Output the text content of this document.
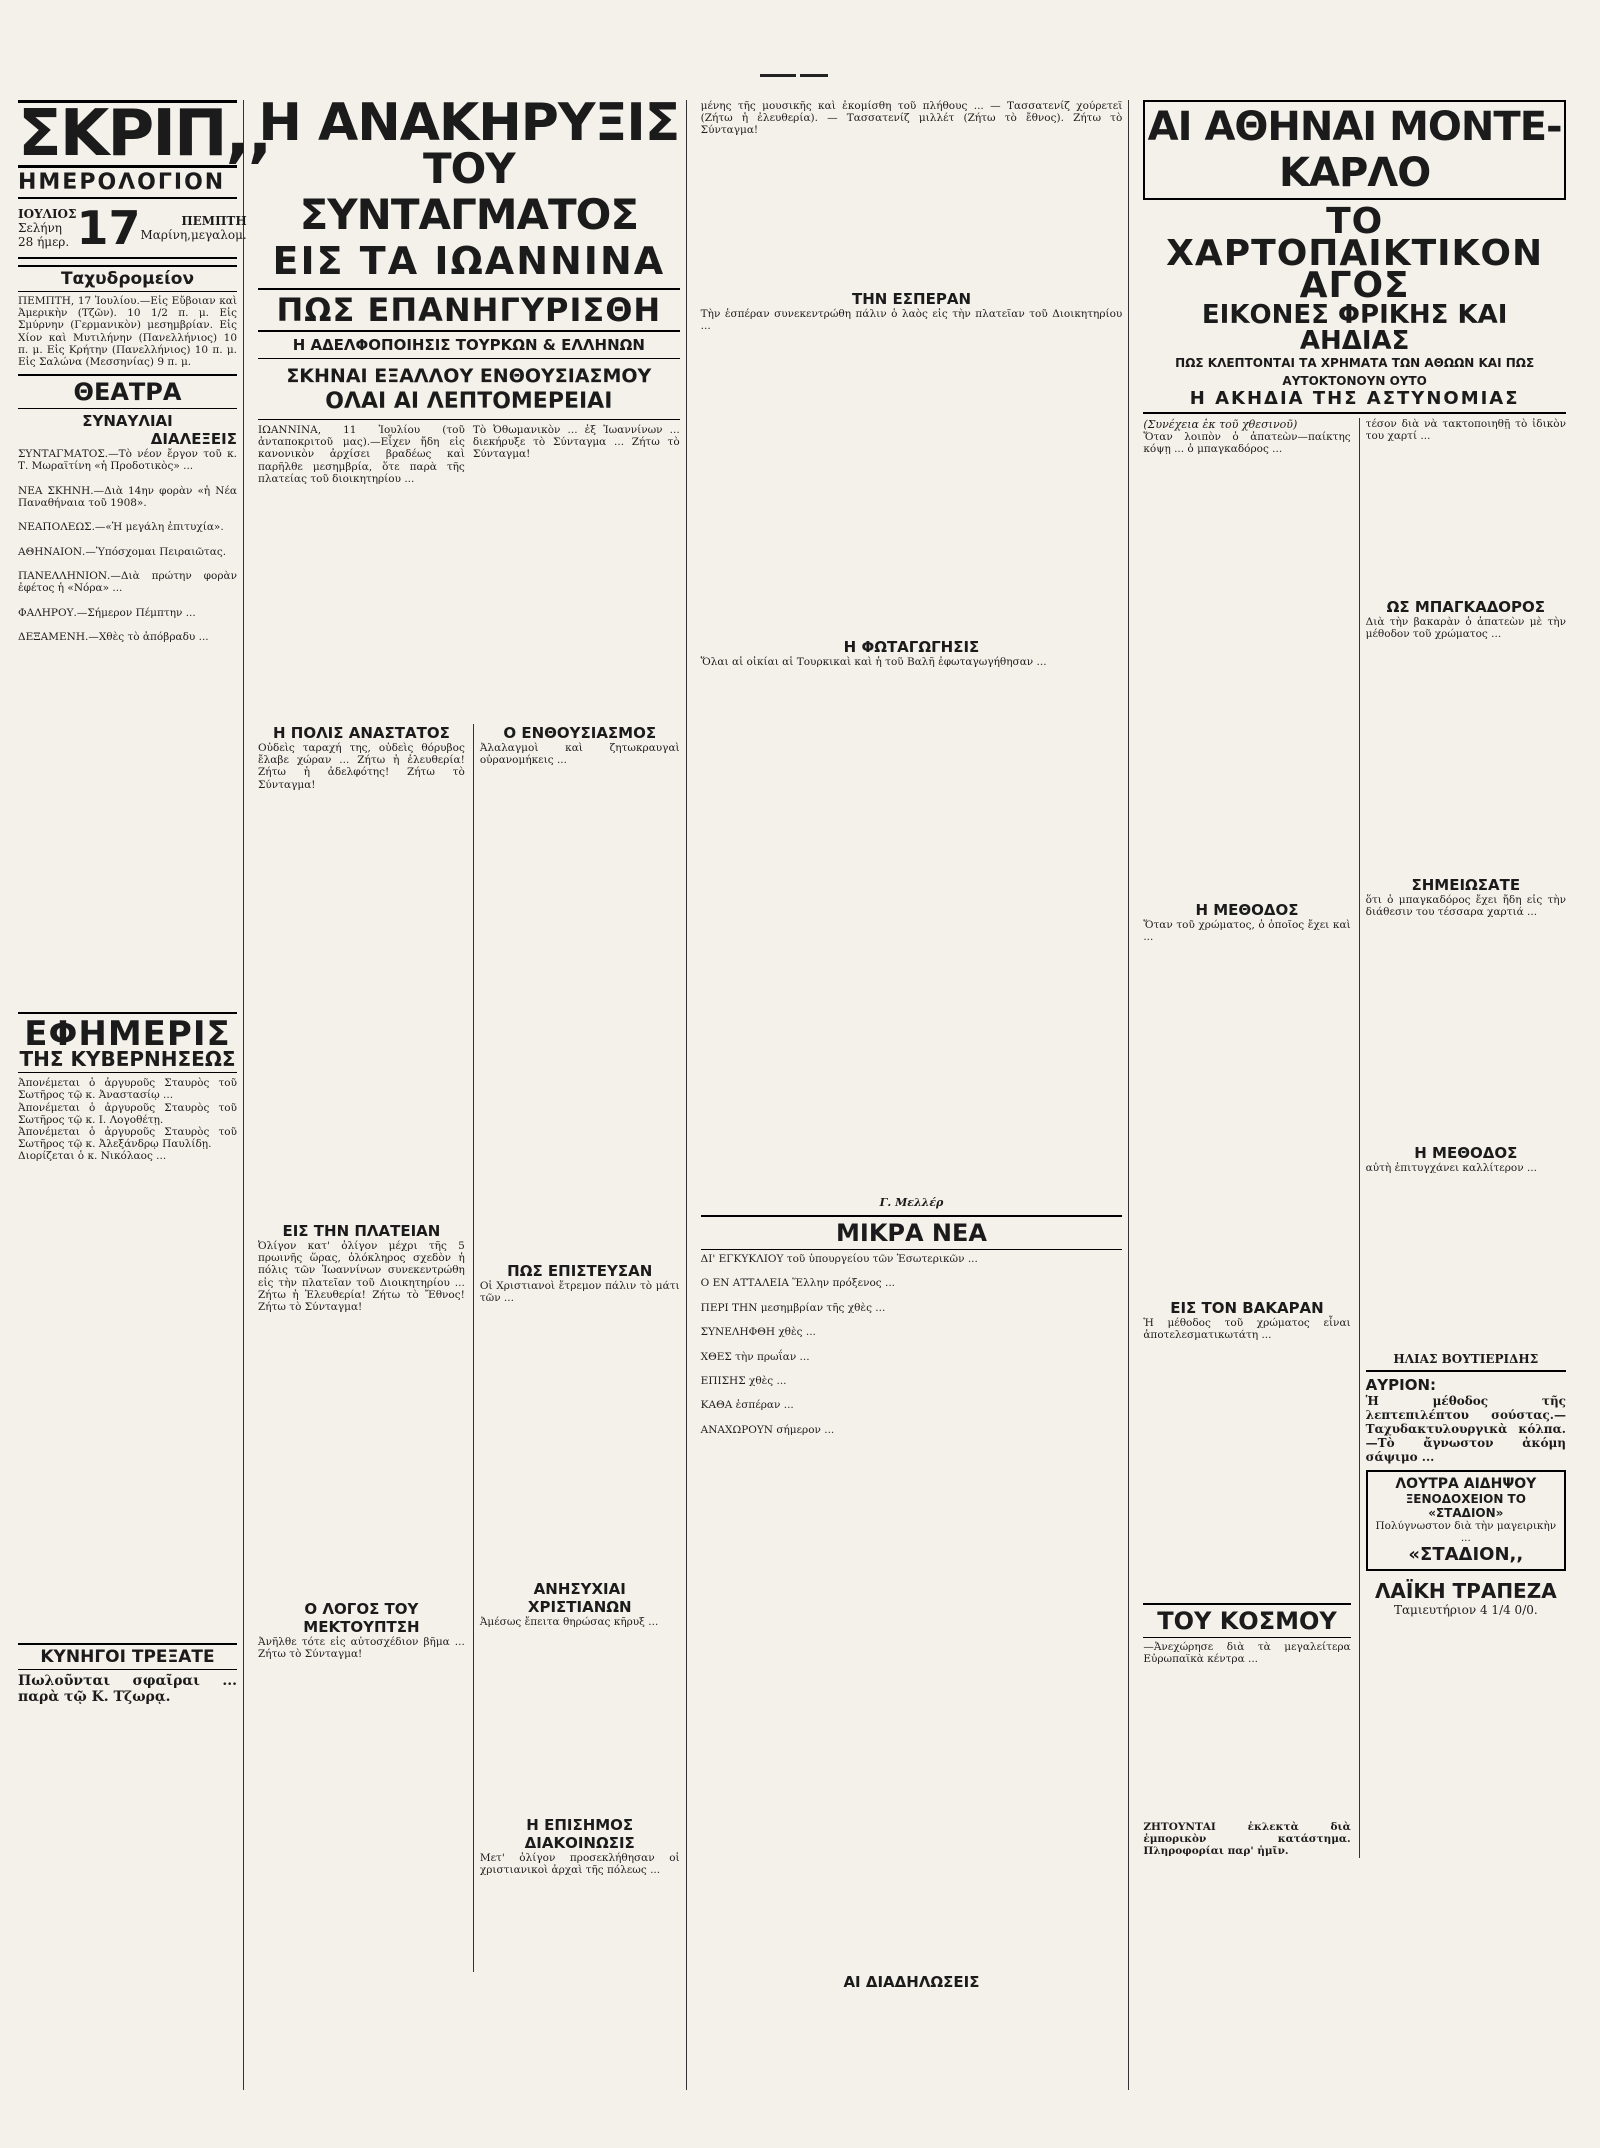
ΣΚΡΙΠ,,
ΗΜΕΡΟΛΟΓΙΟΝ
ΙΟΥΛΙΟΣ
Σελήνη 28 ήμερ. 17	ΠΕΜΠΤΗ
Μαρίνη,μεγαλομ.
Ταχυδρομείον

ΠΕΜΠΤΗ, 17 Ἰουλίου.—Εἰς Εὔβοιαν καὶ Ἀμερικὴν (Τζῶν). 10 1/2 π. μ. Εἰς Σμύρνην (Γερμανικὸν) μεσημβρίαν. Εἰς Χίον καὶ Μυτιλήνην (Πανελλήνιος) 10 π. μ. Εἰς Κρήτην (Πανελλήνιος) 10 π. μ. Εἰς Σαλώνα (Μεσσηνίας) 9 π. μ.

ΘΕΑΤΡΑ
ΣΥΝΑΥΛΙΑΙ
ΔΙΑΛΕΞΕΙΣ

ΣΥΝΤΑΓΜΑΤΟΣ.—Τὸ νέον ἔργον τοῦ κ. Τ. Μωραϊτίνη «ἡ Προδοτικὸς» ...

ΝΕΑ ΣΚΗΝΗ.—Διὰ 14ην φορὰν «ἡ Νέα Παναθήναια τοῦ 1908».

ΝΕΑΠΟΛΕΩΣ.—«Ἡ μεγάλη ἐπιτυχία».

ΑΘΗΝΑΙΟΝ.—Ὑπόσχομαι Πειραιῶτας.

ΠΑΝΕΛΛΗΝΙΟΝ.—Διὰ πρώτην φορὰν ἐφέτος ἡ «Νόρα» ...

ΦΑΛΗΡΟΥ.—Σήμερον Πέμπτην ...

ΔΕΞΑΜΕΝΗ.—Χθὲς τὸ ἀπόβραδυ ...

ΕΦΗΜΕΡΙΣ
ΤΗΣ ΚΥΒΕΡΝΗΣΕΩΣ

Ἀπονέμεται ὁ ἀργυροῦς Σταυρὸς τοῦ Σωτῆρος τῷ κ. Ἀναστασίῳ ...
Ἀπονέμεται ὁ ἀργυροῦς Σταυρὸς τοῦ Σωτῆρος τῷ κ. Ι. Λογοθέτῃ.
Ἀπονέμεται ὁ ἀργυροῦς Σταυρὸς τοῦ Σωτῆρος τῷ κ. Ἀλεξάνδρῳ Παυλίδῃ.
Διορίζεται ὁ κ. Νικόλαος ...

ΚΥΝΗΓΟΙ ΤΡΕΞΑΤΕ

Πωλοῦνται σφαῖραι ... παρὰ τῷ Κ. Τζωρᾳ.

Η ΑΝΑΚΗΡΥΞΙΣ
ΤΟΥ ΣΥΝΤΑΓΜΑΤΟΣ
ΕΙΣ ΤΑ ΙΩΑΝΝΙΝΑ
ΠΩΣ ΕΠΑΝΗΓΥΡΙΣΘΗ
Η ΑΔΕΛΦΟΠΟΙΗΣΙΣ ΤΟΥΡΚΩΝ & ΕΛΛΗΝΩΝ
ΣΚΗΝΑΙ ΕΞΑΛΛΟΥ ΕΝΘΟΥΣΙΑΣΜΟΥ
ΟΛΑΙ ΑΙ ΛΕΠΤΟΜΕΡΕΙΑΙ

ΙΩΑΝΝΙΝΑ, 11 Ἰουλίου (τοῦ ἀνταποκριτοῦ μας).—Εἶχεν ἤδη εἰς κανονικὸν ἀρχίσει βραδέως καὶ παρῆλθε μεσημβρία, ὅτε παρὰ τῆς πλατείας τοῦ διοικητηρίου ...

Τὸ Ὀθωμανικὸν ... ἐξ Ἰωαννίνων ... διεκήρυξε τὸ Σύνταγμα ... Ζήτω τὸ Σύνταγμα!

Η ΠΟΛΙΣ ΑΝΑΣΤΑΤΟΣ

Οὐδεὶς ταραχή της, οὐδεὶς θόρυβος ἔλαβε χώραν ... Ζήτω ἡ ἐλευθερία! Ζήτω ἡ ἀδελφότης! Ζήτω τὸ Σύνταγμα!

ΕΙΣ ΤΗΝ ΠΛΑΤΕΙΑΝ

Ὀλίγον κατ' ὀλίγον μέχρι τῆς 5 πρωινῆς ὥρας, ὁλόκληρος σχεδὸν ἡ πόλις τῶν Ἰωαννίνων συνεκεντρώθη εἰς τὴν πλατεῖαν τοῦ Διοικητηρίου ... Ζήτω ἡ Ἐλευθερία! Ζήτω τὸ Ἔθνος! Ζήτω τὸ Σύνταγμα!

Ο ΛΟΓΟΣ ΤΟΥ ΜΕΚΤΟΥΠΤΣΗ

Ἀνῆλθε τότε εἰς αὐτοσχέδιον βῆμα ... Ζήτω τὸ Σύνταγμα!

Ο ΕΝΘΟΥΣΙΑΣΜΟΣ

Ἀλαλαγμοὶ καὶ ζητωκραυγαὶ οὐρανομήκεις ...

ΠΩΣ ΕΠΙΣΤΕΥΣΑΝ

Οἱ Χριστιανοὶ ἔτρεμον πάλιν τὸ μάτι τῶν ...

ΑΝΗΣΥΧΙΑΙ ΧΡΙΣΤΙΑΝΩΝ

Ἀμέσως ἔπειτα θηρώσας κῆρυξ ...

Η ΕΠΙΣΗΜΟΣ ΔΙΑΚΟΙΝΩΣΙΣ

Μετ' ὀλίγον προσεκλήθησαν οἱ χριστιανικοὶ ἀρχαὶ τῆς πόλεως ...

μένης τῆς μουσικῆς καὶ ἐκομίσθη τοῦ πλήθους ... — Τασσατενίζ χούρετεϊ (Ζήτω ἡ ἐλευθερία). — Τασσατενίζ μιλλέτ (Ζήτω τὸ ἔθνος). Ζήτω τὸ Σύνταγμα!

ΤΗΝ ΕΣΠΕΡΑΝ

Τὴν ἑσπέραν συνεκεντρώθη πάλιν ὁ λαὸς εἰς τὴν πλατεῖαν τοῦ Διοικητηρίου ...

Η ΦΩΤΑΓΩΓΗΣΙΣ

Ὅλαι αἱ οἰκίαι αἱ Τουρκικαὶ καὶ ἡ τοῦ Βαλῆ ἐφωταγωγήθησαν ...

Γ. Μελλέρ
ΜΙΚΡΑ ΝΕΑ

ΔΙ' ΕΓΚΥΚΛΙΟΥ τοῦ ὑπουργείου τῶν Ἐσωτερικῶν ...

Ο ΕΝ ΑΤΤΑΛΕΙΑ Ἕλλην πρόξενος ...

ΠΕΡΙ ΤΗΝ μεσημβρίαν τῆς χθὲς ...

ΣΥΝΕΛΗΦΘΗ χθὲς ...

ΧΘΕΣ τὴν πρωΐαν ...

ΕΠΙΣΗΣ χθὲς ...

ΚΑΘΑ ἑσπέραν ...

ΑΝΑΧΩΡΟΥΝ σήμερον ...

ΑΙ ΔΙΑΔΗΛΩΣΕΙΣ
ΑΙ ΑΘΗΝΑΙ ΜΟΝΤΕ-ΚΑΡΛΟ
ΤΟ ΧΑΡΤΟΠΑΙΚΤΙΚΟΝ ΑΓΟΣ
ΕΙΚΟΝΕΣ ΦΡΙΚΗΣ ΚΑΙ ΑΗΔΙΑΣ
ΠΩΣ ΚΛΕΠΤΟΝΤΑΙ ΤΑ ΧΡΗΜΑΤΑ ΤΩΝ ΑΘΩΩΝ ΚΑΙ ΠΩΣ ΑΥΤΟΚΤΟΝΟΥΝ ΟΥΤΟ
Η ΑΚΗΔΙΑ ΤΗΣ ΑΣΤΥΝΟΜΙΑΣ
(Συνέχεια ἐκ τοῦ χθεσινοῦ)

Ὅταν λοιπὸν ὁ ἀπατεὼν—παίκτης κόψῃ ... ὁ μπαγκαδόρος ...

Η ΜΕΘΟΔΟΣ

Ὅταν τοῦ χρώματος, ὁ ὁποῖος ἔχει καὶ ...

ΕΙΣ ΤΟΝ ΒΑΚΑΡΑΝ

Ἡ μέθοδος τοῦ χρώματος εἶναι ἀποτελεσματικωτάτη ...

ΤΟΥ ΚΟΣΜΟΥ

—Ἀνεχώρησε διὰ τὰ μεγαλείτερα Εὐρωπαϊκὰ κέντρα ...

ΖΗΤΟΥΝΤΑΙ ἐκλεκτὰ διὰ ἐμπορικὸν κατάστημα. Πληροφορίαι παρ' ἡμῖν.

τέσον διὰ νὰ τακτοποιηθῇ τὸ ἰδικὸν του χαρτί ...

ΩΣ ΜΠΑΓΚΑΔΟΡΟΣ

Διὰ τὴν βακαρὰν ὁ ἀπατεὼν μὲ τὴν μέθοδον τοῦ χρώματος ...

ΣΗΜΕΙΩΣΑΤΕ

ὅτι ὁ μπαγκαδόρος ἔχει ἤδη εἰς τὴν διάθεσιν του τέσσαρα χαρτιά ...

Η ΜΕΘΟΔΟΣ

αὐτὴ ἐπιτυγχάνει καλλίτερον ...

ΗΛΙΑΣ ΒΟΥΤΙΕΡΙΔΗΣ
ΑΥΡΙΟΝ:

Ἡ μέθοδος τῆς λεπτεπιλέπτου σούστας.—Ταχυδακτυλουργικὰ κόλπα.—Τὸ ἄγνωστον ἀκόμη σάψιμο ...

ΛΟΥΤΡΑ ΑΙΔΗΨΟΥ
ΞΕΝΟΔΟΧΕΙΟΝ ΤΟ «ΣΤΑΔΙΟΝ»

Πολύγνωστον διὰ τὴν μαγειρικὴν ...

«ΣΤΑΔΙΟΝ,,
ΛΑΪΚΗ ΤΡΑΠΕΖΑ
Ταμιευτήριον 4 1/4 0/0.
